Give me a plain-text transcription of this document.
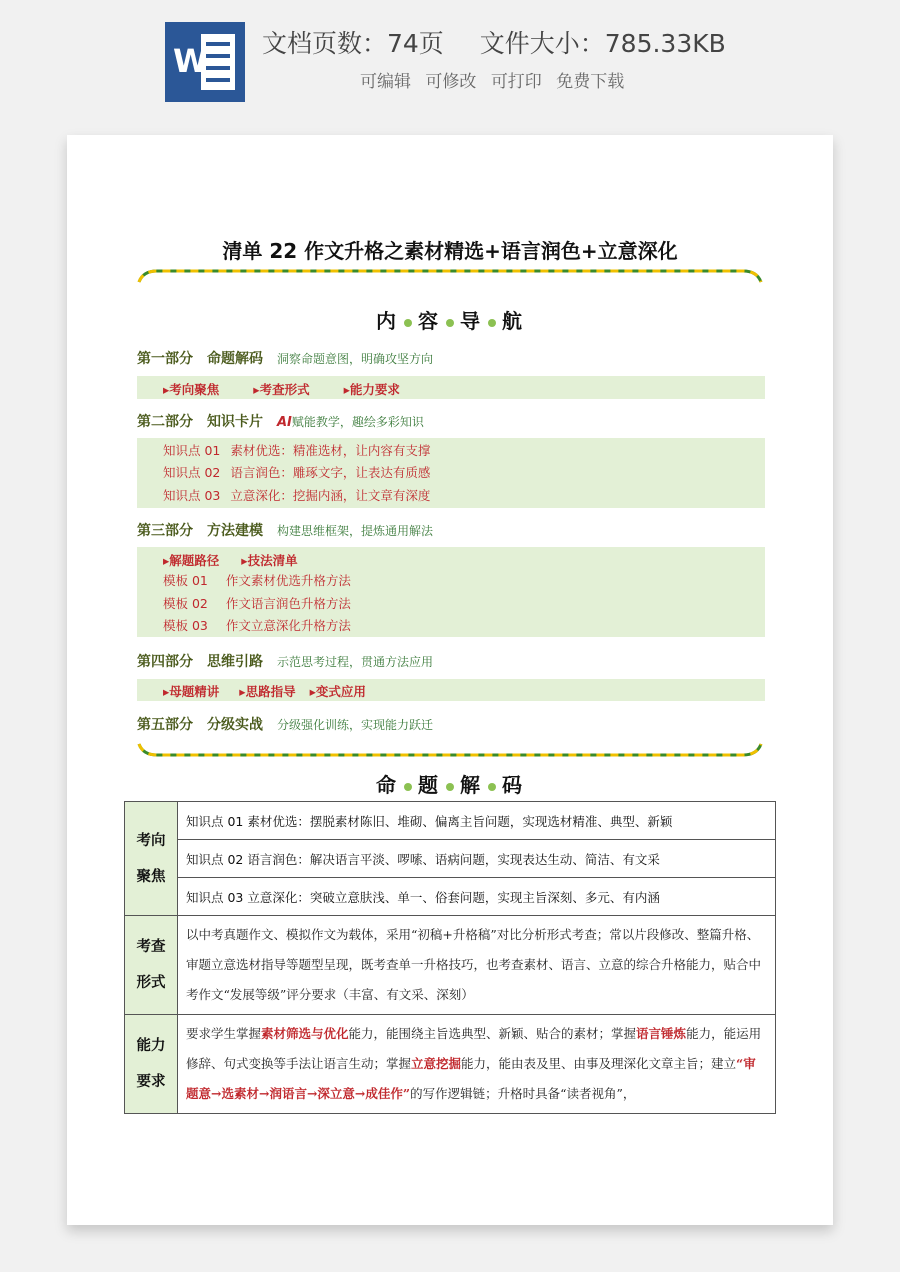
W 文档页数：74页 文件大小：785.33KB
可编辑 可修改 可打印 免费下载
清单 22 作文升格之素材精选+语言润色+立意深化
内 容 导 航
第一部分 命题解码 洞察命题意图，明确攻坚方向
▸考向聚焦	▸考查形式	▸能力要求
第二部分 知识卡片 AI赋能教学，趣绘多彩知识
知识点 01 素材优选：精准选材，让内容有支撑
知识点 02 语言润色：雕琢文字，让表达有质感
知识点 03 立意深化：挖掘内涵，让文章有深度
第三部分 方法建模 构建思维框架，提炼通用解法
▸解题路径 ▸技法清单
模板 01 作文素材优选升格方法
模板 02 作文语言润色升格方法
模板 03 作文立意深化升格方法
第四部分 思维引路 示范思考过程，贯通方法应用
▸母题精讲 ▸思路指导 ▸变式应用
第五部分 分级实战 分级强化训练，实现能力跃迁
命 题 解 码
考向
聚焦	知识点 01 素材优选：摆脱素材陈旧、堆砌、偏离主旨问题，实现选材精准、典型、新颖
	知识点 02 语言润色：解决语言平淡、啰嗦、语病问题，实现表达生动、简洁、有文采
	知识点 03 立意深化：突破立意肤浅、单一、俗套问题，实现主旨深刻、多元、有内涵

考查
形式	以中考真题作文、模拟作文为载体，采用“初稿+升格稿”对比分析形式考查；常以片段修改、整篇升格、审题立意选材指导等题型呈现，既考查单一升格技巧，也考查素材、语言、立意的综合升格能力，贴合中考作文“发展等级”评分要求（丰富、有文采、深刻）

能力
要求	要求学生掌握素材筛选与优化能力，能围绕主旨选典型、新颖、贴合的素材；掌握语言锤炼能力，能运用修辞、句式变换等手法让语言生动；掌握立意挖掘能力，能由表及里、由事及理深化文章主旨；建立“审题意→选素材→润语言→深立意→成佳作”的写作逻辑链；升格时具备“读者视角”，
